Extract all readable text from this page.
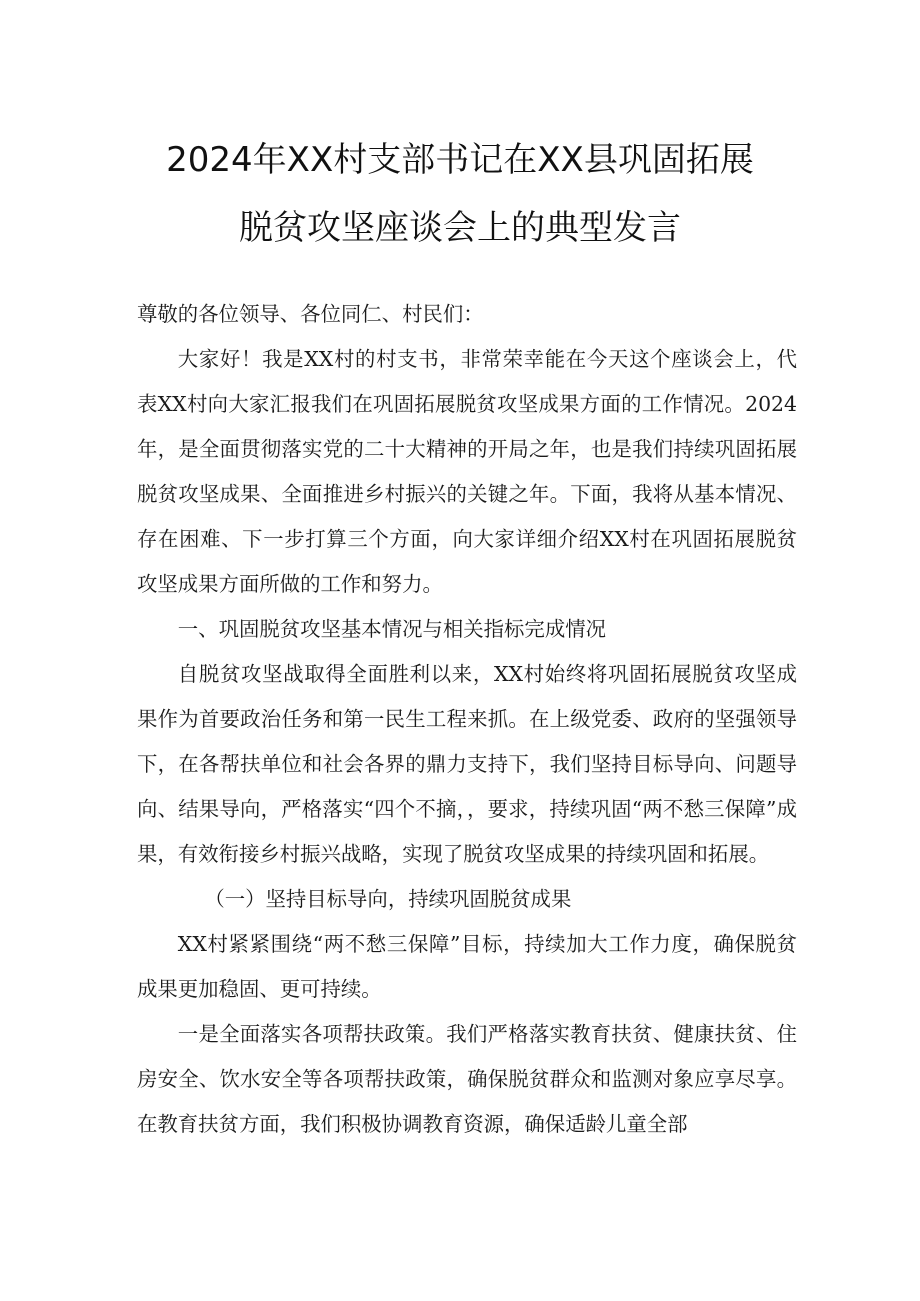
2024年XX村支部书记在XX县巩固拓展
脱贫攻坚座谈会上的典型发言

尊敬的各位领导、各位同仁、村民们：

大家好！我是XX村的村支书，非常荣幸能在今天这个座谈会上，代表XX村向大家汇报我们在巩固拓展脱贫攻坚成果方面的工作情况。2024年，是全面贯彻落实党的二十大精神的开局之年，也是我们持续巩固拓展脱贫攻坚成果、全面推进乡村振兴的关键之年。下面，我将从基本情况、存在困难、下一步打算三个方面，向大家详细介绍XX村在巩固拓展脱贫攻坚成果方面所做的工作和努力。

一、巩固脱贫攻坚基本情况与相关指标完成情况

自脱贫攻坚战取得全面胜利以来，XX村始终将巩固拓展脱贫攻坚成果作为首要政治任务和第一民生工程来抓。在上级党委、政府的坚强领导下，在各帮扶单位和社会各界的鼎力支持下，我们坚持目标导向、问题导向、结果导向，严格落实“四个不摘，，要求，持续巩固“两不愁三保障”成果，有效衔接乡村振兴战略，实现了脱贫攻坚成果的持续巩固和拓展。

（一）坚持目标导向，持续巩固脱贫成果

XX村紧紧围绕“两不愁三保障”目标，持续加大工作力度，确保脱贫成果更加稳固、更可持续。

一是全面落实各项帮扶政策。我们严格落实教育扶贫、健康扶贫、住房安全、饮水安全等各项帮扶政策，确保脱贫群众和监测对象应享尽享。在教育扶贫方面，我们积极协调教育资源，确保适龄儿童全部
